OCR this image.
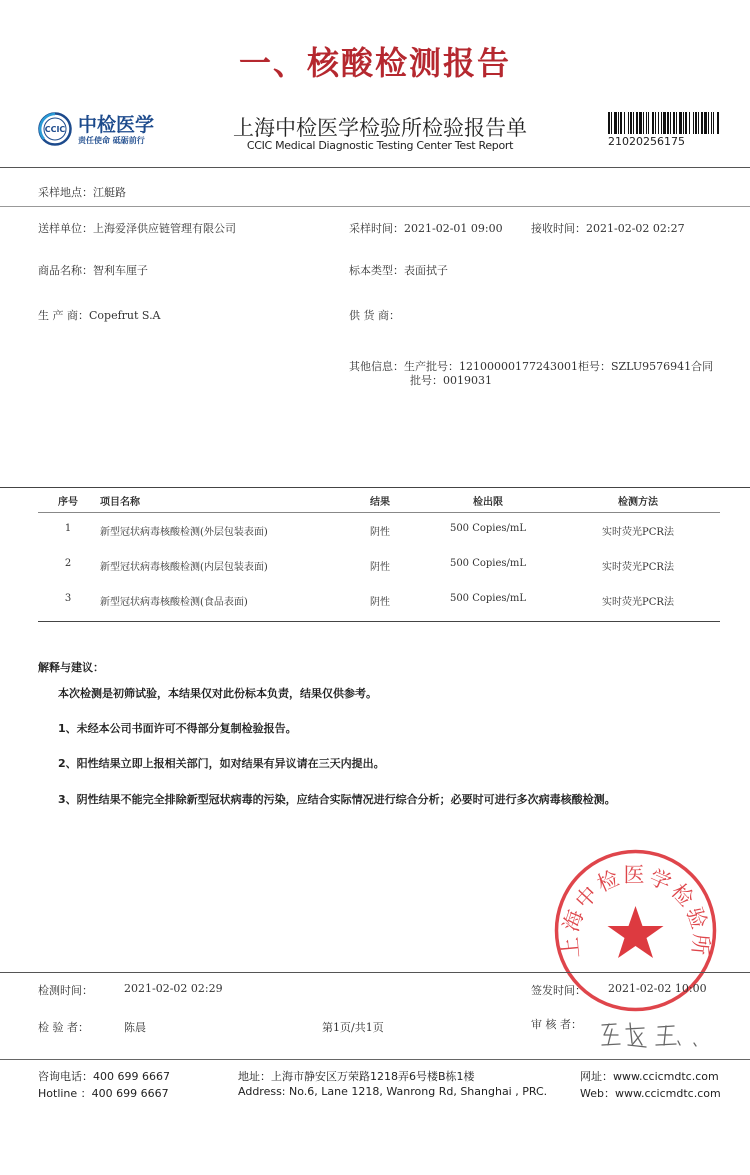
一、核酸检测报告
CCIC 中检医学
责任使命 砥砺前行
上海中检医学检验所检验报告单
CCIC Medical Diagnostic Testing Center Test Report	21020256175
采样地点：江艇路
送样单位：上海爱泽供应链管理有限公司	采样时间：2021-02-01 09:00	接收时间：2021-02-02 02:27
商品名称：智利车厘子	标本类型：表面拭子
生 产 商：Copefrut S.A	供 货 商：
其他信息：生产批号：12100000177243001柜号：SZLU9576941合同
批号：0019031
序号	项目名称	结果	检出限	检测方法
1	新型冠状病毒核酸检测(外层包装表面)	阴性	500 Copies/mL	实时荧光PCR法
2	新型冠状病毒核酸检测(内层包装表面)	阴性	500 Copies/mL	实时荧光PCR法
3	新型冠状病毒核酸检测(食品表面)	阴性	500 Copies/mL	实时荧光PCR法
解释与建议：
本次检测是初筛试验，本结果仅对此份标本负责，结果仅供参考。
1、未经本公司书面许可不得部分复制检验报告。
2、阳性结果立即上报相关部门，如对结果有异议请在三天内提出。
3、阴性结果不能完全排除新型冠状病毒的污染，应结合实际情况进行综合分析；必要时可进行多次病毒核酸检测。
上海中检医学检验所
检测时间：	2021-02-02 02:29	签发时间： 2021-02-02 10:00
检 验 者：	陈晨	第1页/共1页	审 核 者：
咨询电话：400 699 6667
Hotline ：400 699 6667
地址：上海市静安区万荣路1218弄6号楼B栋1楼
Address: No.6, Lane 1218, Wanrong Rd, Shanghai , PRC.
网址：www.ccicmdtc.com
Web：www.ccicmdtc.com
